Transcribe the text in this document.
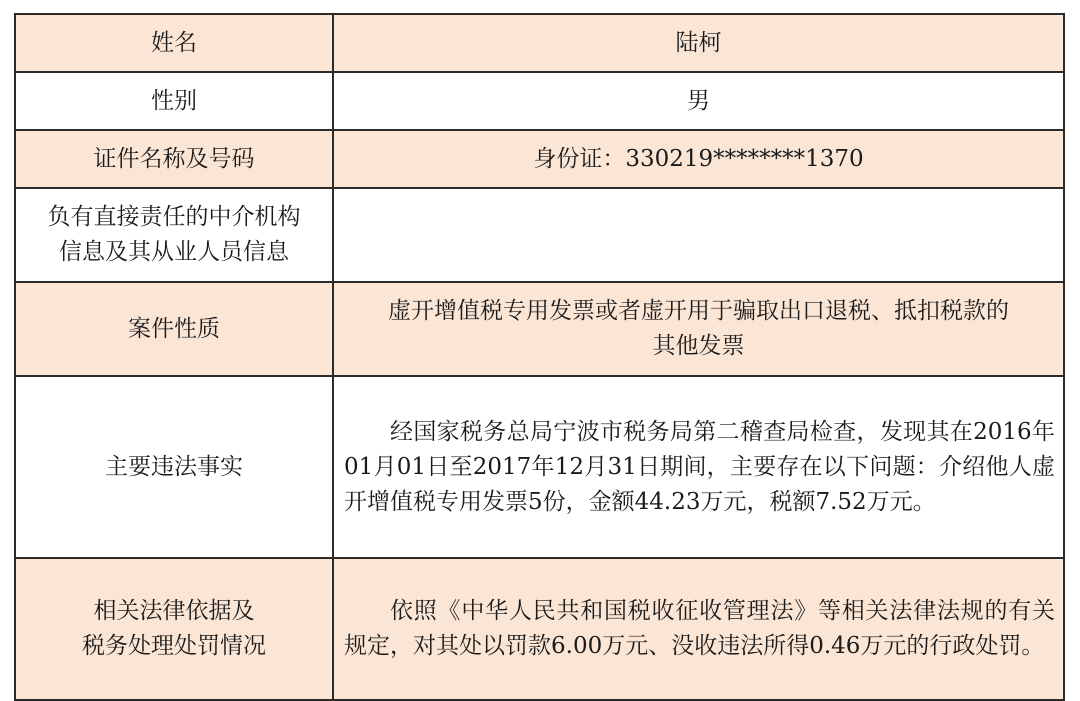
姓名	陆柯
性别	男
证件名称及号码	身份证：330219********1370

负有直接责任的中介机构
信息及其从业人员信息	

案件性质	虚开增值税专用发票或者虚开用于骗取出口退税、抵扣税款的
其他发票

主要违法事实	经国家税务总局宁波市税务局第二稽查局检查，发现其在2016年01月01日至2017年12月31日期间，主要存在以下问题：介绍他人虚开增值税专用发票5份，金额44.23万元，税额7.52万元。

相关法律依据及
税务处理处罚情况	依照《中华人民共和国税收征收管理法》等相关法律法规的有关规定，对其处以罚款6.00万元、没收违法所得0.46万元的行政处罚。
